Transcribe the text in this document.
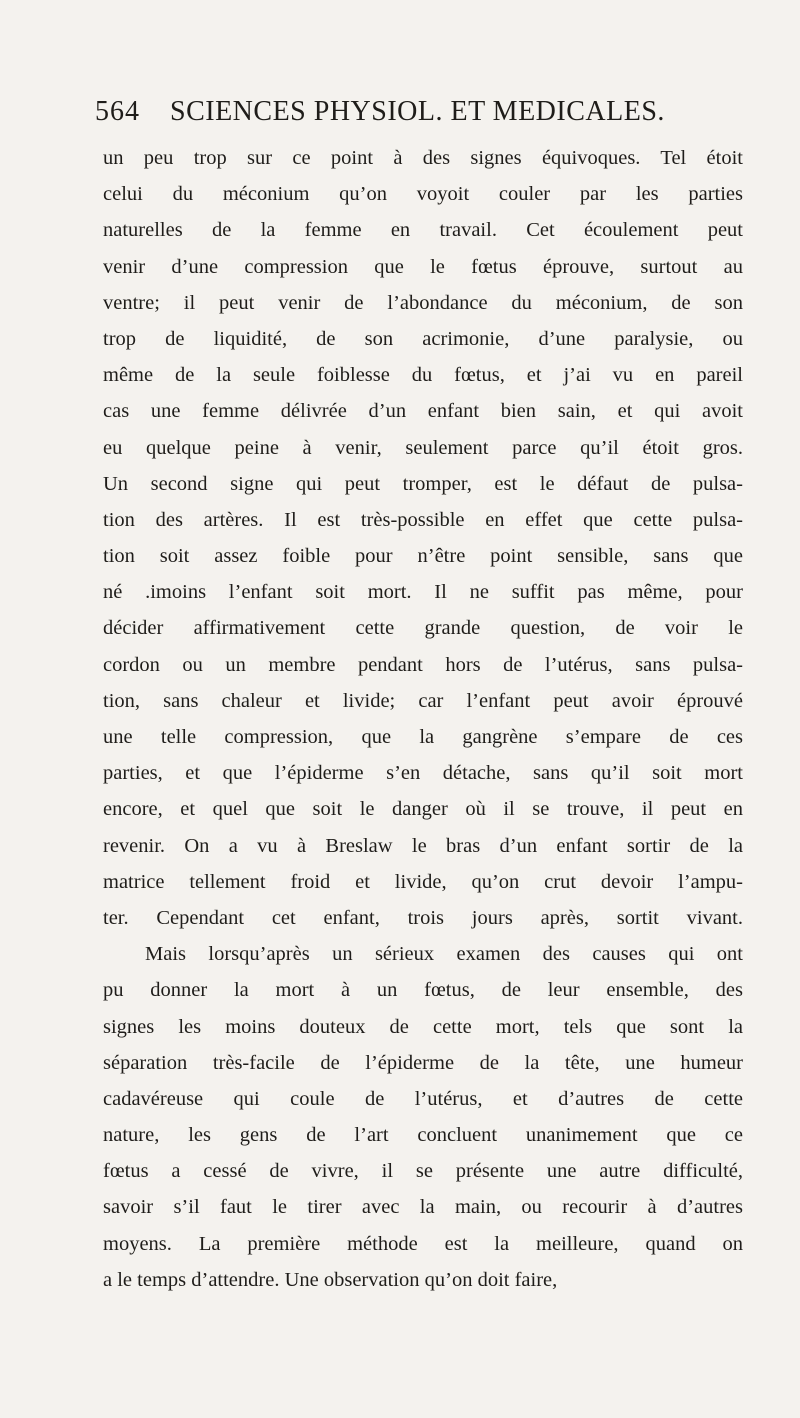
564 SCIENCES PHYSIOL. ET MEDICALES.
un peu trop sur ce point à des signes équivoques. Tel étoit
celui du méconium qu’on voyoit couler par les parties
naturelles de la femme en travail. Cet écoulement peut
venir d’une compression que le fœtus éprouve, surtout au
ventre; il peut venir de l’abondance du méconium, de son
trop de liquidité, de son acrimonie, d’une paralysie, ou
même de la seule foiblesse du fœtus, et j’ai vu en pareil
cas une femme délivrée d’un enfant bien sain, et qui avoit
eu quelque peine à venir, seulement parce qu’il étoit gros.
Un second signe qui peut tromper, est le défaut de pulsa-
tion des artères. Il est très-possible en effet que cette pulsa-
tion soit assez foible pour n’être point sensible, sans que
né .imoins l’enfant soit mort. Il ne suffit pas même, pour
décider affirmativement cette grande question, de voir le
cordon ou un membre pendant hors de l’utérus, sans pulsa-
tion, sans chaleur et livide; car l’enfant peut avoir éprouvé
une telle compression, que la gangrène s’empare de ces
parties, et que l’épiderme s’en détache, sans qu’il soit mort
encore, et quel que soit le danger où il se trouve, il peut en
revenir. On a vu à Breslaw le bras d’un enfant sortir de la
matrice tellement froid et livide, qu’on crut devoir l’ampu-
ter. Cependant cet enfant, trois jours après, sortit vivant.
Mais lorsqu’après un sérieux examen des causes qui ont
pu donner la mort à un fœtus, de leur ensemble, des
signes les moins douteux de cette mort, tels que sont la
séparation très-facile de l’épiderme de la tête, une humeur
cadavéreuse qui coule de l’utérus, et d’autres de cette
nature, les gens de l’art concluent unanimement que ce
fœtus a cessé de vivre, il se présente une autre difficulté,
savoir s’il faut le tirer avec la main, ou recourir à d’autres
moyens. La première méthode est la meilleure, quand on
a le temps d’attendre. Une observation qu’on doit faire,
